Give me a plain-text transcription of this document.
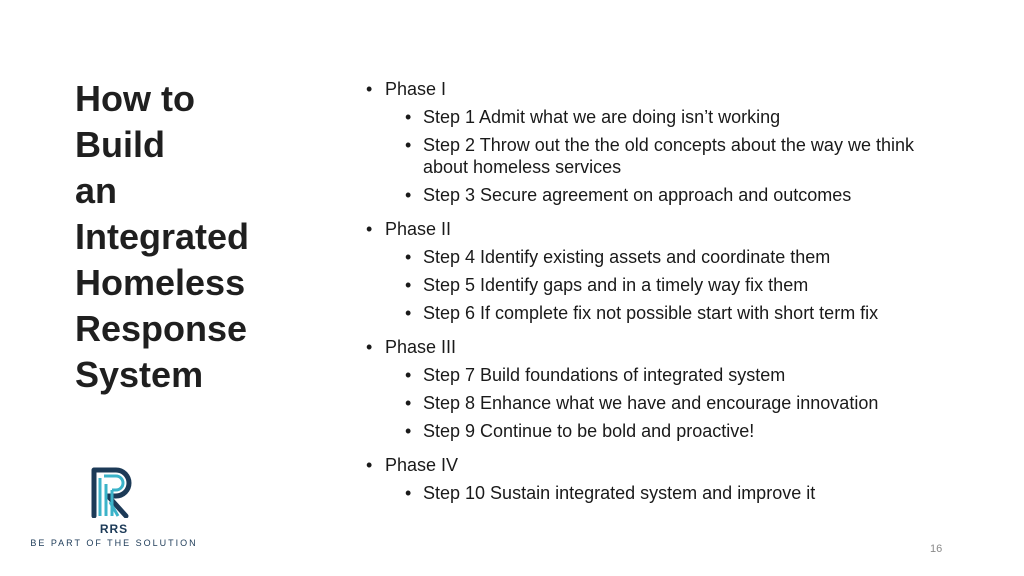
How to
Build
an
Integrated
Homeless
Response
System
• Phase I
• Step 1 Admit what we are doing isn’t working
• Step 2 Throw out the the old concepts about the way we think about homeless services
• Step 3 Secure agreement on approach and outcomes
• Phase II
• Step 4 Identify existing assets and coordinate them
• Step 5 Identify gaps and in a timely way fix them
• Step 6 If complete fix not possible start with short term fix
• Phase III
• Step 7 Build foundations of integrated system
• Step 8 Enhance what we have and encourage innovation
• Step 9 Continue to be bold and proactive!
• Phase IV
• Step 10 Sustain integrated system and improve it
RRS
BE PART OF THE SOLUTION	16
